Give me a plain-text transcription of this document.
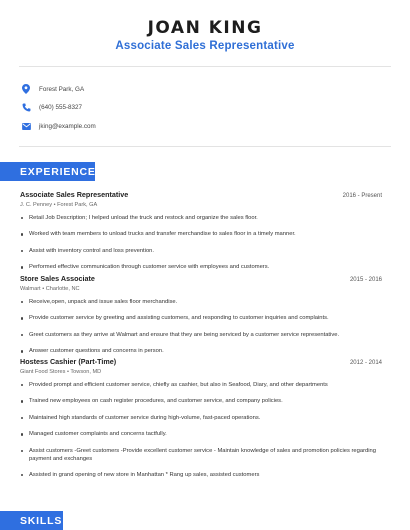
JOAN KING
Associate Sales Representative
Forest Park, GA
(640) 555-8327
jking@example.com
EXPERIENCE
Associate Sales Representative	2016 - Present
J. C. Penney • Forest Park, GA
Retail Job Description; I helped unload the truck and restock and organize the sales floor.
Worked with team members to unload trucks and transfer merchandise to sales floor in a timely manner.
Assist with inventory control and loss prevention.
Performed effective communication through customer service with employees and customers.
Store Sales Associate	2015 - 2016
Walmart • Charlotte, NC
Receive,open, unpack and issue sales floor merchandise.
Provide customer service by greeting and assisting customers, and responding to customer inquiries and complaints.
Greet customers as they arrive at Walmart and ensure that they are being serviced by a customer service representative.
Answer customer questions and concerns in person.
Hostess Cashier (Part-Time)	2012 - 2014
Giant Food Stores • Towson, MD
Provided prompt and efficient customer service, chiefly as cashier, but also in Seafood, Diary, and other departments
Trained new employees on cash register procedures, and customer service, and company policies.
Maintained high standards of customer service during high-volume, fast-paced operations.
Managed customer complaints and concerns tactfully.
Assist customers -Greet customers -Provide excellent customer service - Maintain knowledge of sales and promotion policies regarding payment and exchanges
Assisted in grand opening of new store in Manhattan * Rang up sales, assisted customers
SKILLS
